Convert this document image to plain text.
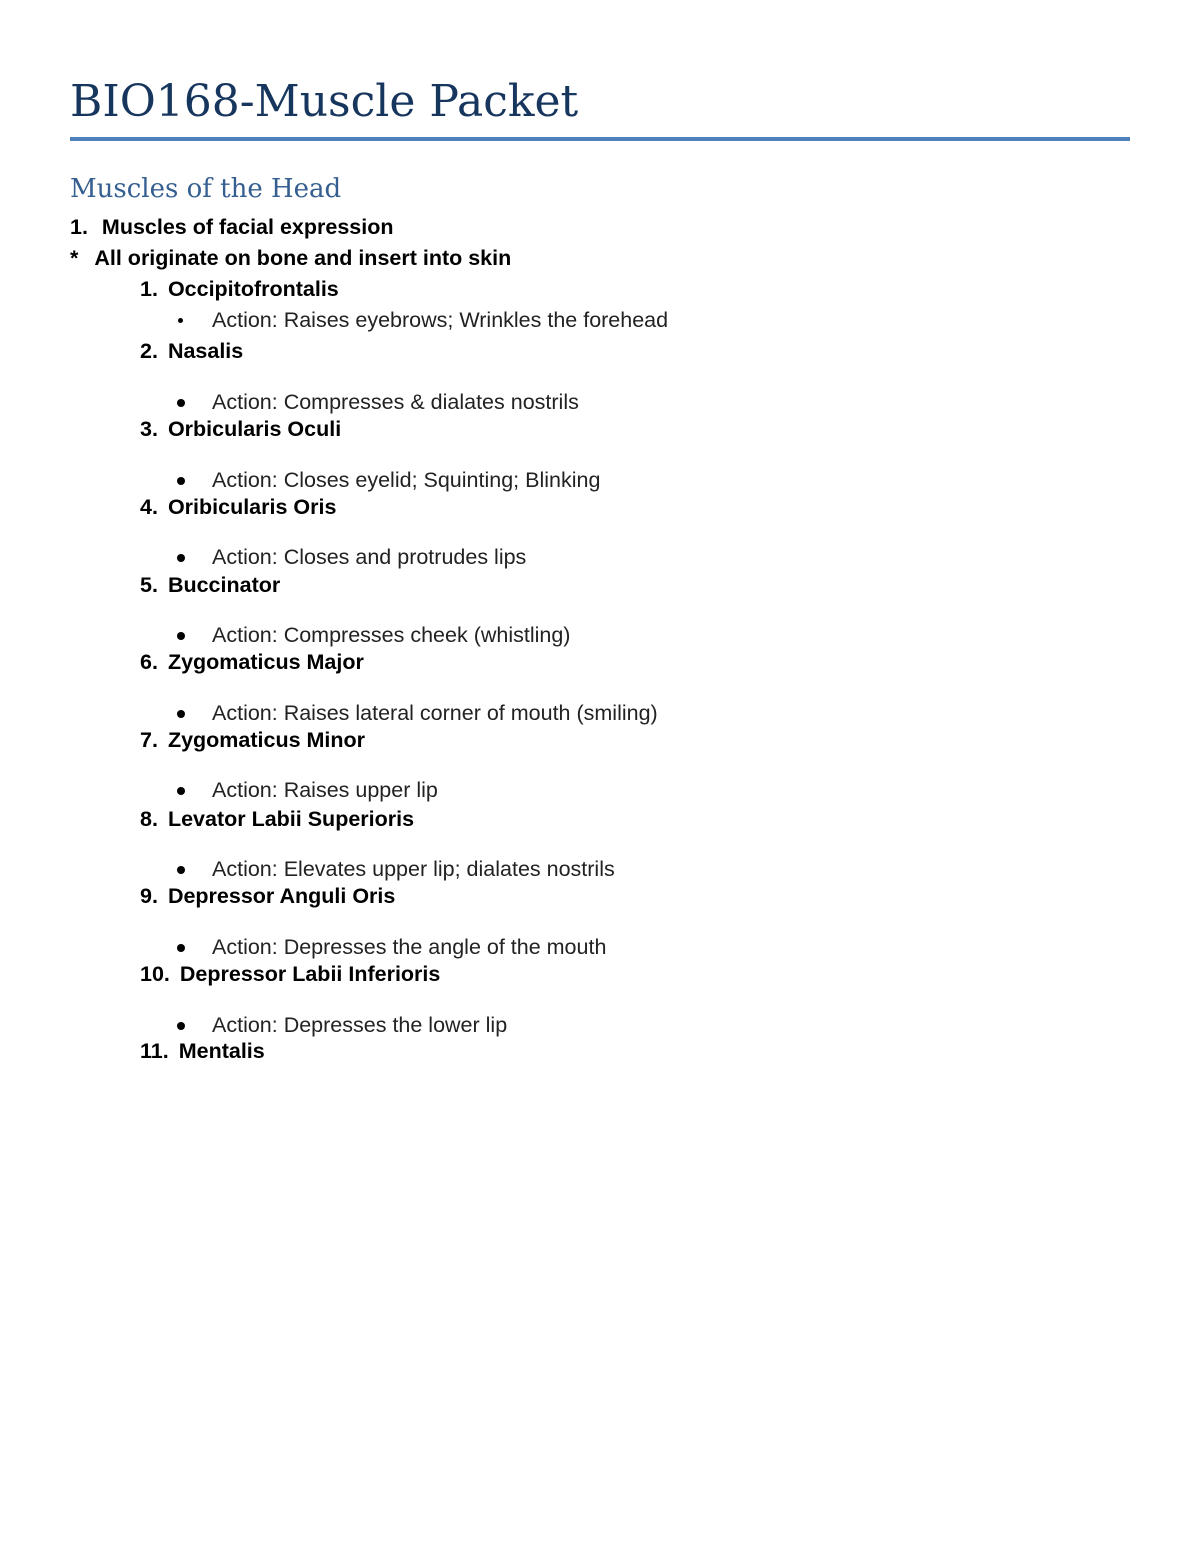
BIO168-Muscle Packet
Muscles of the Head
1. Muscles of facial expression
* All originate on bone and insert into skin
1. Occipitofrontalis
Action: Raises eyebrows; Wrinkles the forehead
2. Nasalis
Action: Compresses & dialates nostrils
3. Orbicularis Oculi
Action: Closes eyelid; Squinting; Blinking
4. Oribicularis Oris
Action: Closes and protrudes lips
5. Buccinator
Action: Compresses cheek (whistling)
6. Zygomaticus Major
Action: Raises lateral corner of mouth (smiling)
7. Zygomaticus Minor
Action: Raises upper lip
8. Levator Labii Superioris
Action: Elevates upper lip; dialates nostrils
9. Depressor Anguli Oris
Action: Depresses the angle of the mouth
10. Depressor Labii Inferioris
Action: Depresses the lower lip
11. Mentalis
